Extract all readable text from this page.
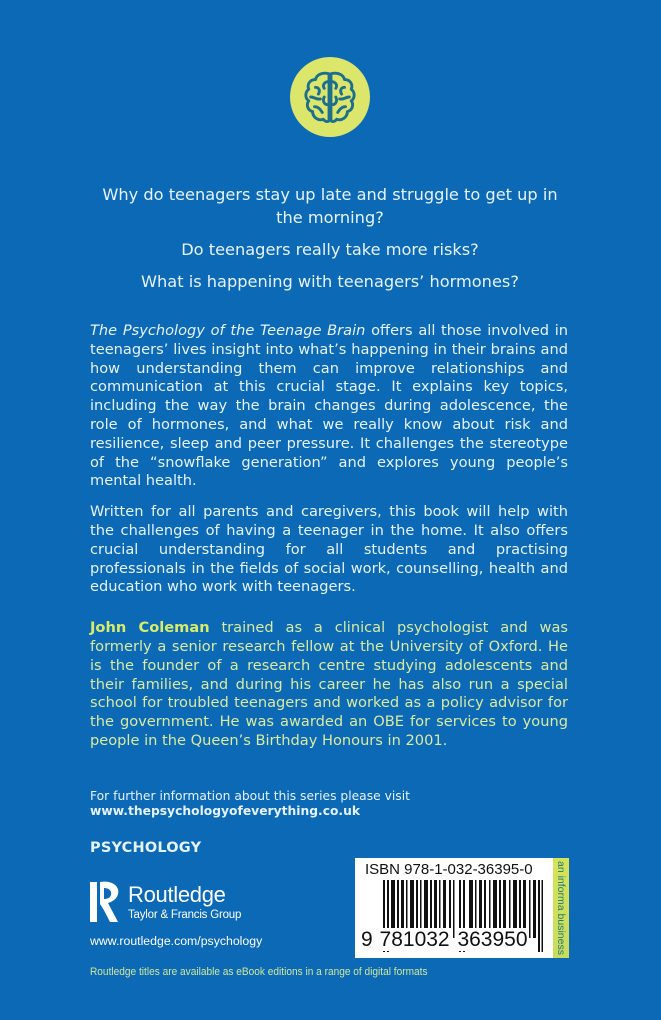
Why do teenagers stay up late and struggle to get up in the morning?

Do teenagers really take more risks?

What is happening with teenagers’ hormones?

The Psychology of the Teenage Brain offers all those involved in teenagers’ lives insight into what’s happening in their brains and how understanding them can improve relationships and communication at this crucial stage. It explains key topics, including the way the brain changes during adolescence, the role of hormones, and what we really know about risk and resilience, sleep and peer pressure. It challenges the stereotype of the “snowflake generation” and explores young people’s mental health.

Written for all parents and caregivers, this book will help with the challenges of having a teenager in the home. It also offers crucial understanding for all students and practising professionals in the fields of social work, counselling, health and education who work with teenagers.

John Coleman trained as a clinical psychologist and was formerly a senior research fellow at the University of Oxford. He is the founder of a research centre studying adolescents and their families, and during his career he has also run a special school for troubled teenagers and worked as a policy advisor for the government. He was awarded an OBE for services to young people in the Queen’s Birthday Honours in 2001.

For further information about this series please visit
www.thepsychologyofeverything.co.uk
PSYCHOLOGY
Routledge
Taylor & Francis Group
www.routledge.com/psychology
ISBN 978-1-032-36395-0
9 781032 363950	an informa business
Routledge titles are available as eBook editions in a range of digital formats
